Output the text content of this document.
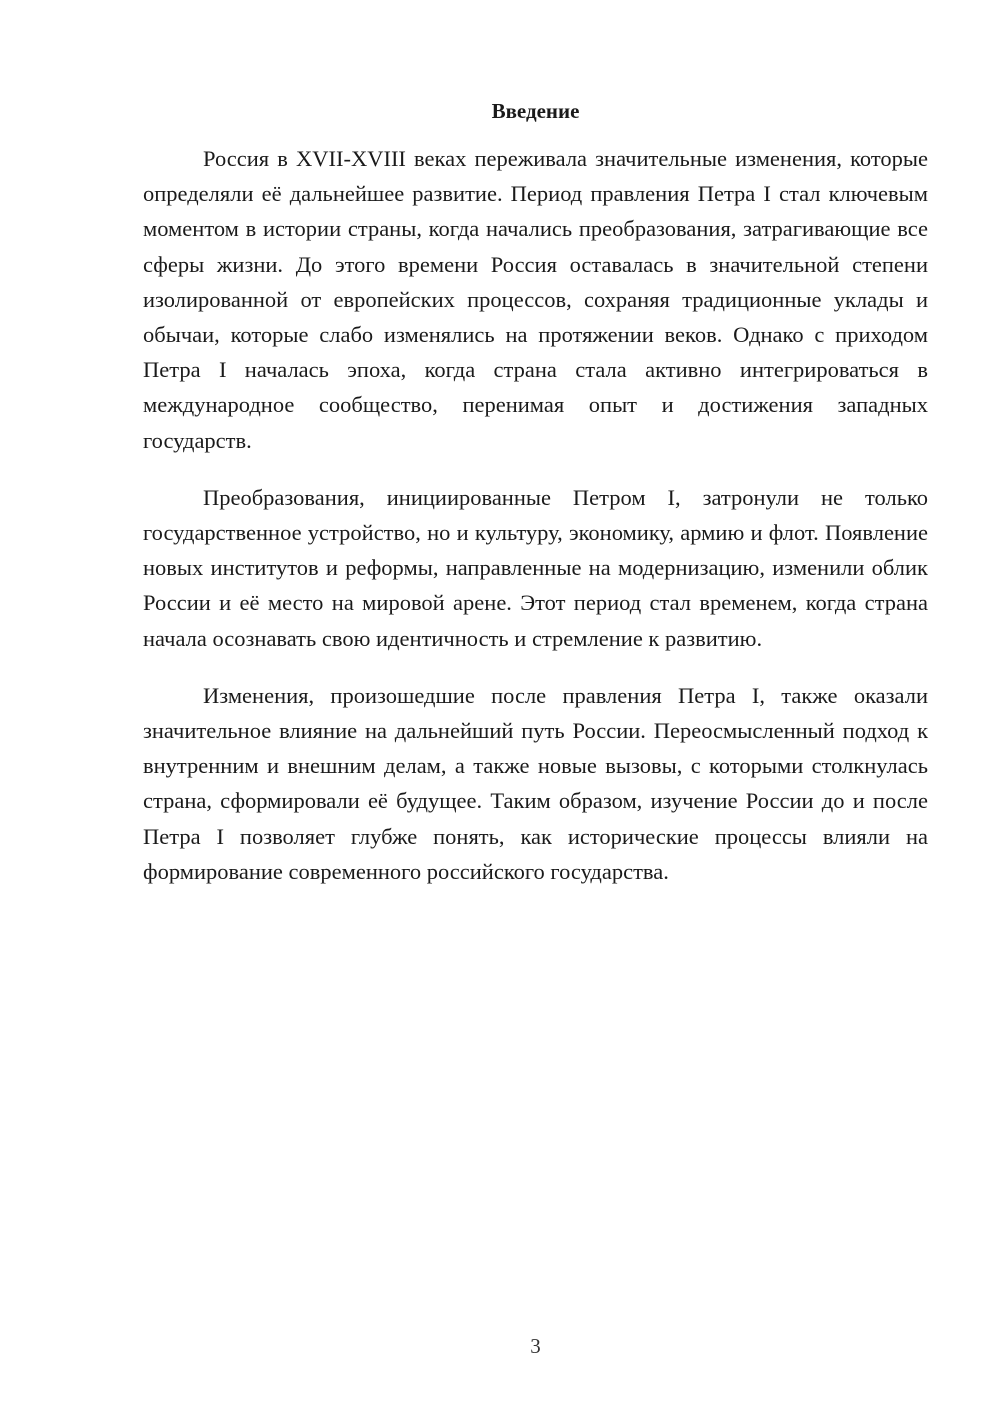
Введение

Россия в XVII-XVIII веках переживала значительные изменения, которые определяли её дальнейшее развитие. Период правления Петра I стал ключевым моментом в истории страны, когда начались преобразования, затрагивающие все сферы жизни. До этого времени Россия оставалась в значительной степени изолированной от европейских процессов, сохраняя традиционные уклады и обычаи, которые слабо изменялись на протяжении веков. Однако с приходом Петра I началась эпоха, когда страна стала активно интегрироваться в международное сообщество, перенимая опыт и достижения западных государств.

Преобразования, инициированные Петром I, затронули не только государственное устройство, но и культуру, экономику, армию и флот. Появление новых институтов и реформы, направленные на модернизацию, изменили облик России и её место на мировой арене. Этот период стал временем, когда страна начала осознавать свою идентичность и стремление к развитию.

Изменения, произошедшие после правления Петра I, также оказали значительное влияние на дальнейший путь России. Переосмысленный подход к внутренним и внешним делам, а также новые вызовы, с которыми столкнулась страна, сформировали её будущее. Таким образом, изучение России до и после Петра I позволяет глубже понять, как исторические процессы влияли на формирование современного российского государства.

3
